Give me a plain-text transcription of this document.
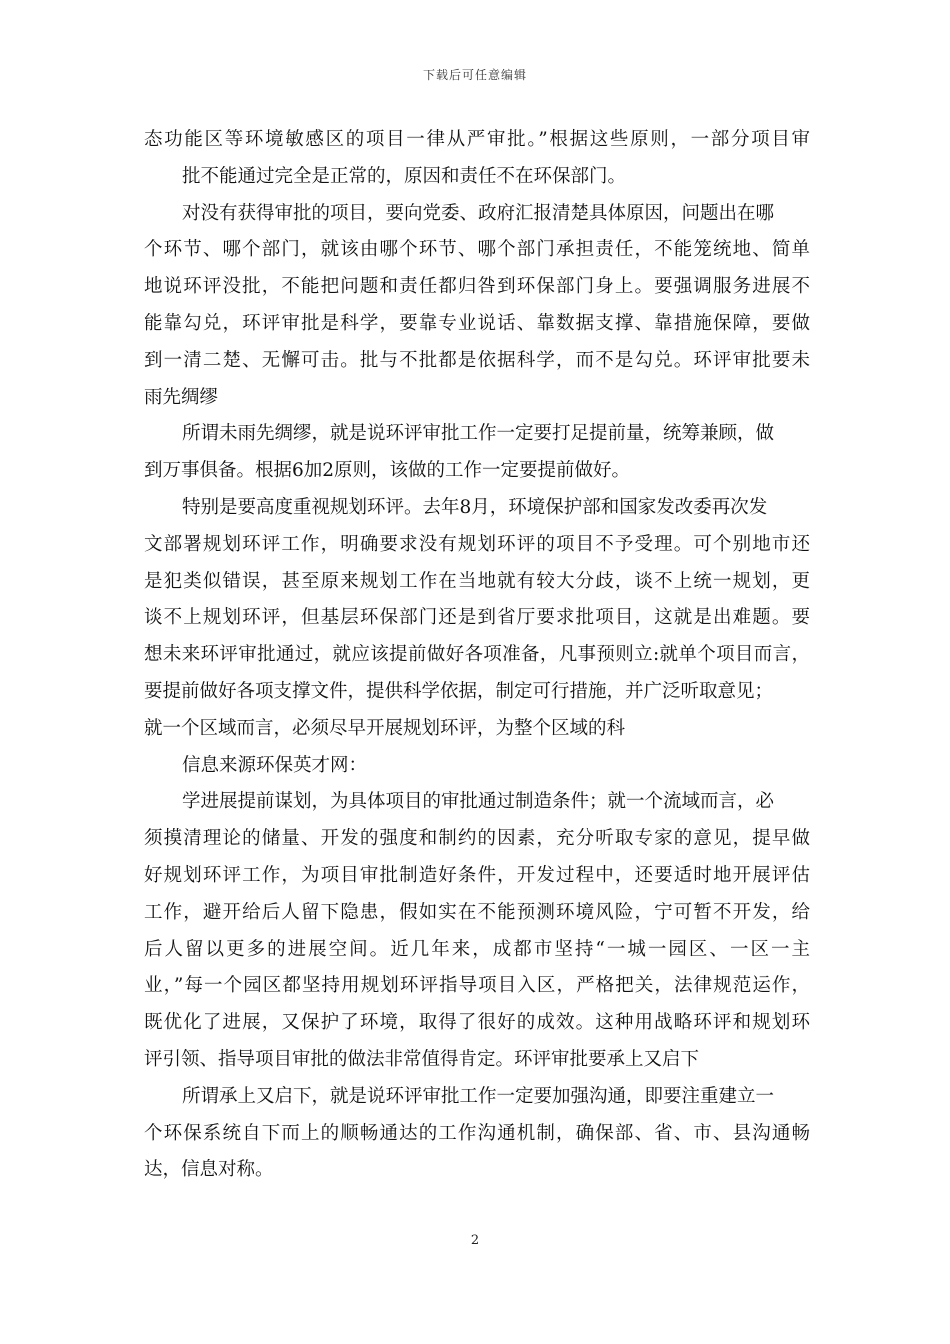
下载后可任意编辑
态功能区等环境敏感区的项目一律从严审批。”根据这些原则，一部分项目审
批不能通过完全是正常的，原因和责任不在环保部门。
对没有获得审批的项目，要向党委、政府汇报清楚具体原因，问题出在哪
个环节、哪个部门，就该由哪个环节、哪个部门承担责任，不能笼统地、简单
地说环评没批，不能把问题和责任都归咎到环保部门身上。要强调服务进展不
能靠勾兑，环评审批是科学，要靠专业说话、靠数据支撑、靠措施保障，要做
到一清二楚、无懈可击。批与不批都是依据科学，而不是勾兑。环评审批要未
雨先绸缪
所谓未雨先绸缪，就是说环评审批工作一定要打足提前量，统筹兼顾，做
到万事俱备。根据6加2原则，该做的工作一定要提前做好。
特别是要高度重视规划环评。去年8月，环境保护部和国家发改委再次发
文部署规划环评工作，明确要求没有规划环评的项目不予受理。可个别地市还
是犯类似错误，甚至原来规划工作在当地就有较大分歧，谈不上统一规划，更
谈不上规划环评，但基层环保部门还是到省厅要求批项目，这就是出难题。要
想未来环评审批通过，就应该提前做好各项准备，凡事预则立:就单个项目而言，
要提前做好各项支撑文件，提供科学依据，制定可行措施，并广泛听取意见；
就一个区域而言，必须尽早开展规划环评，为整个区域的科
信息来源环保英才网：
学进展提前谋划，为具体项目的审批通过制造条件；就一个流域而言，必
须摸清理论的储量、开发的强度和制约的因素，充分听取专家的意见，提早做
好规划环评工作，为项目审批制造好条件，开发过程中，还要适时地开展评估
工作，避开给后人留下隐患，假如实在不能预测环境风险，宁可暂不开发，给
后人留以更多的进展空间。近几年来，成都市坚持“一城一园区、一区一主
业，”每一个园区都坚持用规划环评指导项目入区，严格把关，法律规范运作，
既优化了进展，又保护了环境，取得了很好的成效。这种用战略环评和规划环
评引领、指导项目审批的做法非常值得肯定。环评审批要承上又启下
所谓承上又启下，就是说环评审批工作一定要加强沟通，即要注重建立一
个环保系统自下而上的顺畅通达的工作沟通机制，确保部、省、市、县沟通畅
达，信息对称。
2
